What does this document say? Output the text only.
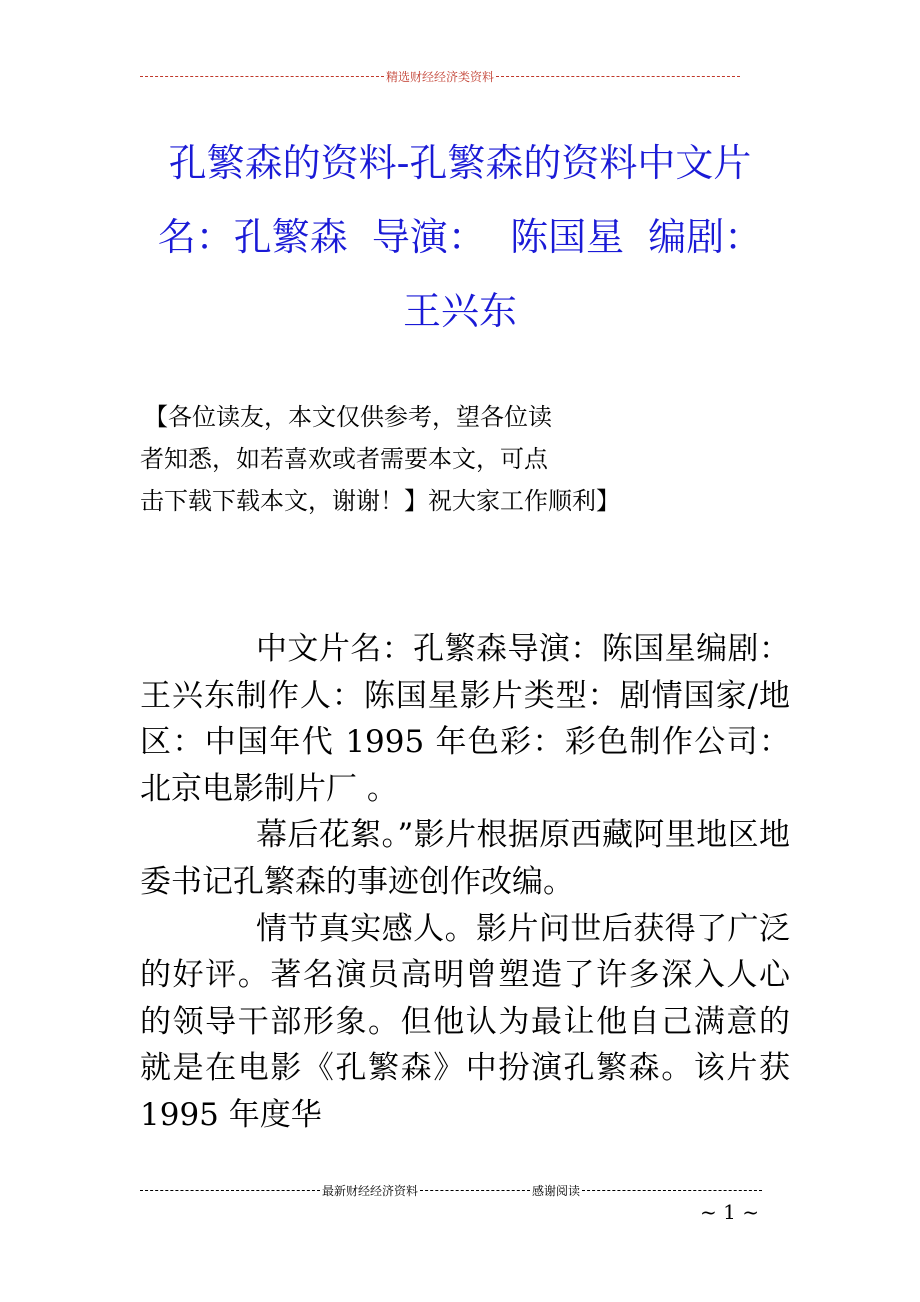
精选财经经济类资料
孔繁森的资料-孔繁森的资料中文片
名：孔繁森  导演：  陈国星  编剧：
王兴东
【各位读友，本文仅供参考，望各位读
者知悉，如若喜欢或者需要本文，可点
击下载下载本文，谢谢！】祝大家工作顺利】

中文片名：孔繁森导演：陈国星编剧：王兴东制作人：陈国星影片类型：剧情国家/地区：中国年代 1995 年色彩：彩色制作公司：北京电影制片厂 。

幕后花絮。”影片根据原西藏阿里地区地委书记孔繁森的事迹创作改编。

情节真实感人。影片问世后获得了广泛的好评。著名演员高明曾塑造了许多深入人心的领导干部形象。但他认为最让他自己满意的就是在电影《孔繁森》中扮演孔繁森。该片获 1995 年度华

最新财经经济资料	感谢阅读
~ 1 ~
